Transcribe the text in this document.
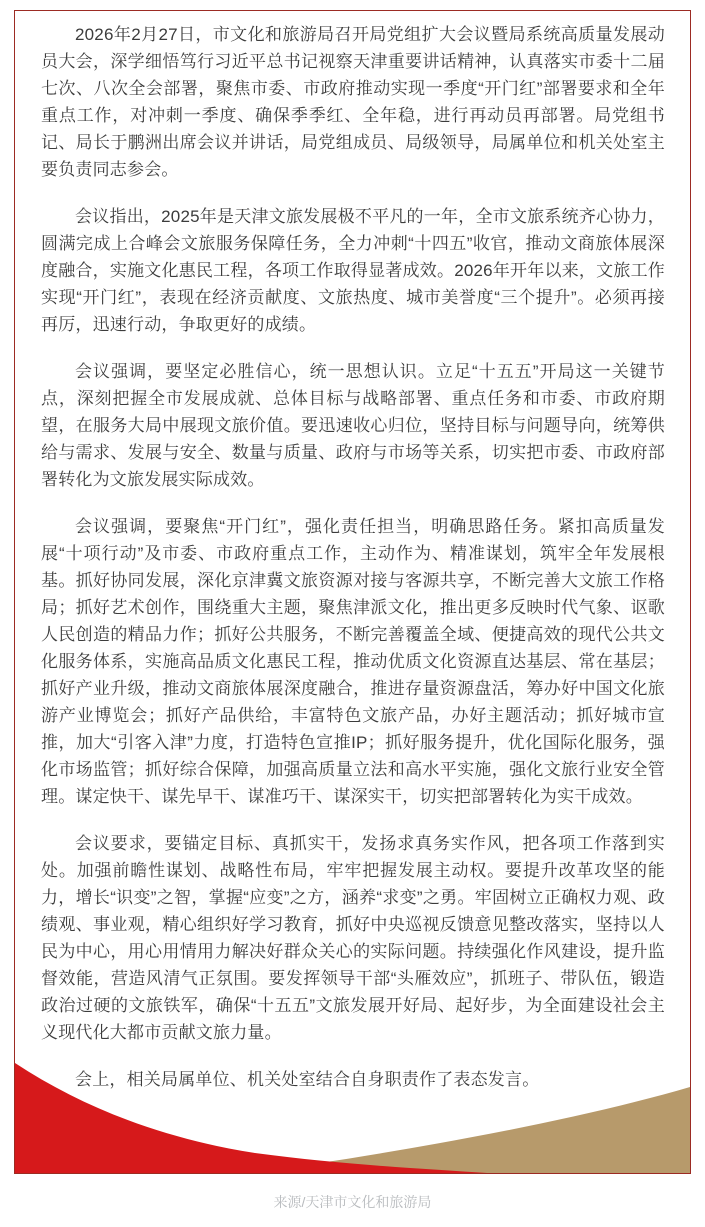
2026年2月27日，市文化和旅游局召开局党组扩大会议暨局系统高质量发展动员大会，深学细悟笃行习近平总书记视察天津重要讲话精神，认真落实市委十二届七次、八次全会部署，聚焦市委、市政府推动实现一季度“开门红”部署要求和全年重点工作，对冲刺一季度、确保季季红、全年稳，进行再动员再部署。局党组书记、局长于鹏洲出席会议并讲话，局党组成员、局级领导，局属单位和机关处室主要负责同志参会。

会议指出，2025年是天津文旅发展极不平凡的一年，全市文旅系统齐心协力，圆满完成上合峰会文旅服务保障任务，全力冲刺“十四五”收官，推动文商旅体展深度融合，实施文化惠民工程，各项工作取得显著成效。2026年开年以来，文旅工作实现“开门红”，表现在经济贡献度、文旅热度、城市美誉度“三个提升”。必须再接再厉，迅速行动，争取更好的成绩。

会议强调，要坚定必胜信心，统一思想认识。立足“十五五”开局这一关键节点，深刻把握全市发展成就、总体目标与战略部署、重点任务和市委、市政府期望，在服务大局中展现文旅价值。要迅速收心归位，坚持目标与问题导向，统筹供给与需求、发展与安全、数量与质量、政府与市场等关系，切实把市委、市政府部署转化为文旅发展实际成效。

会议强调，要聚焦“开门红”，强化责任担当，明确思路任务。紧扣高质量发展“十项行动”及市委、市政府重点工作，主动作为、精准谋划，筑牢全年发展根基。抓好协同发展，深化京津冀文旅资源对接与客源共享，不断完善大文旅工作格局；抓好艺术创作，围绕重大主题，聚焦津派文化，推出更多反映时代气象、讴歌人民创造的精品力作；抓好公共服务，不断完善覆盖全域、便捷高效的现代公共文化服务体系，实施高品质文化惠民工程，推动优质文化资源直达基层、常在基层；抓好产业升级，推动文商旅体展深度融合，推进存量资源盘活，筹办好中国文化旅游产业博览会；抓好产品供给，丰富特色文旅产品，办好主题活动；抓好城市宣推，加大“引客入津”力度，打造特色宣推IP；抓好服务提升，优化国际化服务，强化市场监管；抓好综合保障，加强高质量立法和高水平实施，强化文旅行业安全管理。谋定快干、谋先早干、谋准巧干、谋深实干，切实把部署转化为实干成效。

会议要求，要锚定目标、真抓实干，发扬求真务实作风，把各项工作落到实处。加强前瞻性谋划、战略性布局，牢牢把握发展主动权。要提升改革攻坚的能力，增长“识变”之智，掌握“应变”之方，涵养“求变”之勇。牢固树立正确权力观、政绩观、事业观，精心组织好学习教育，抓好中央巡视反馈意见整改落实，坚持以人民为中心，用心用情用力解决好群众关心的实际问题。持续强化作风建设，提升监督效能，营造风清气正氛围。要发挥领导干部“头雁效应”，抓班子、带队伍，锻造政治过硬的文旅铁军，确保“十五五”文旅发展开好局、起好步，为全面建设社会主义现代化大都市贡献文旅力量。

会上，相关局属单位、机关处室结合自身职责作了表态发言。

来源/天津市文化和旅游局
